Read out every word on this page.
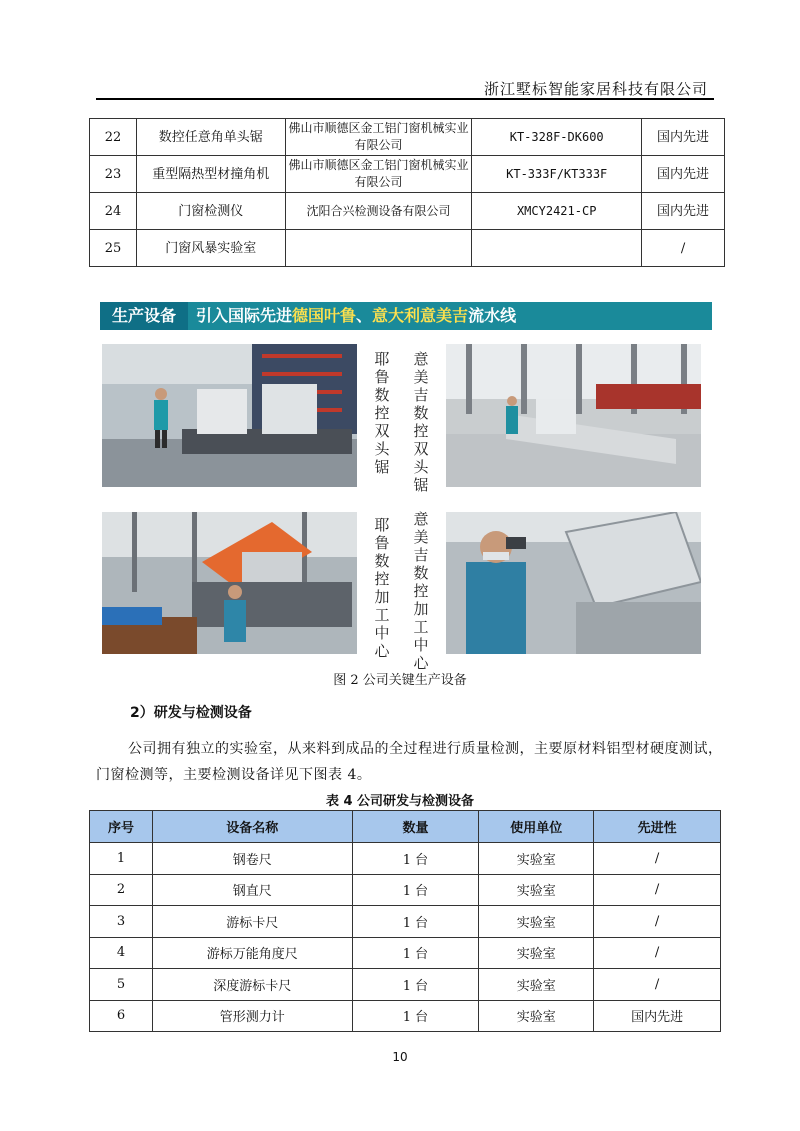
浙江墅标智能家居科技有限公司
22	数控任意角单头锯	佛山市顺德区金工铝门窗机械实业有限公司	KT-328F-DK600	国内先进
23	重型隔热型材撞角机	佛山市顺德区金工铝门窗机械实业有限公司	KT-333F/KT333F	国内先进
24	门窗检测仪	沈阳合兴检测设备有限公司	XMCY2421-CP	国内先进
25	门窗风暴实验室			/
生产设备	引入国际先进德国叶鲁、意大利意美吉流水线
耶鲁数控双头锯
意美吉数控双头锯
耶鲁数控加工中心
意美吉数控加工中心
图 2 公司关键生产设备
2）研发与检测设备
公司拥有独立的实验室，从来料到成品的全过程进行质量检测，主要原材料铝型材硬度测试，门窗检测等，主要检测设备详见下图表 4。
表 4 公司研发与检测设备
序号	设备名称	数量	使用单位	先进性
1	钢卷尺	1 台	实验室	/
2	钢直尺	1 台	实验室	/
3	游标卡尺	1 台	实验室	/
4	游标万能角度尺	1 台	实验室	/
5	深度游标卡尺	1 台	实验室	/
6	管形测力计	1 台	实验室	国内先进
10
